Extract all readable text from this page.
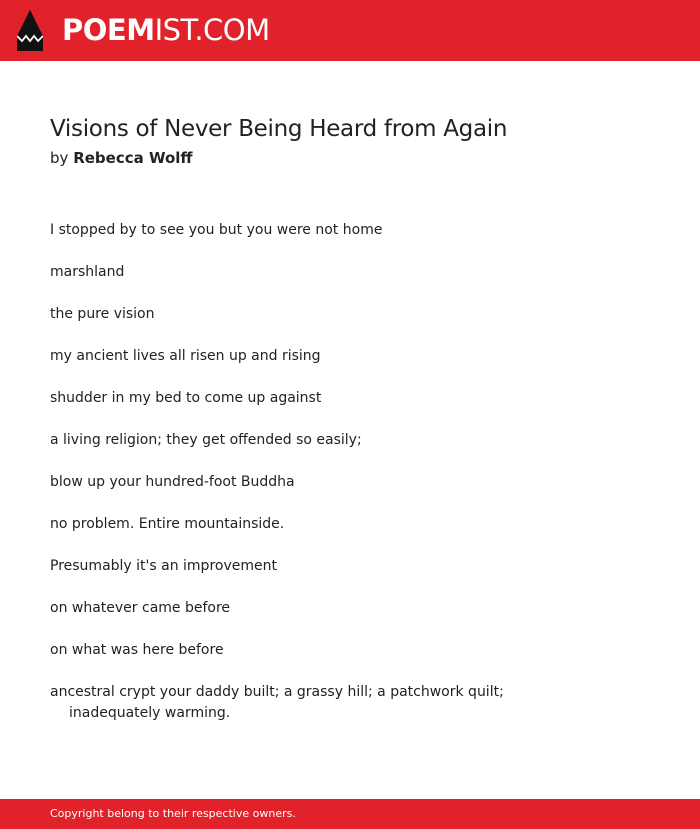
POEMIST.COM
Visions of Never Being Heard from Again
by Rebecca Wolff
I stopped by to see you but you were not home
marshland
the pure vision
my ancient lives all risen up and rising
shudder in my bed to come up against
a living religion; they get offended so easily;
blow up your hundred-foot Buddha
no problem. Entire mountainside.
Presumably it's an improvement
on whatever came before
on what was here before
ancestral crypt your daddy built; a grassy hill; a patchwork quilt; inadequately warming.
Copyright belong to their respective owners.
